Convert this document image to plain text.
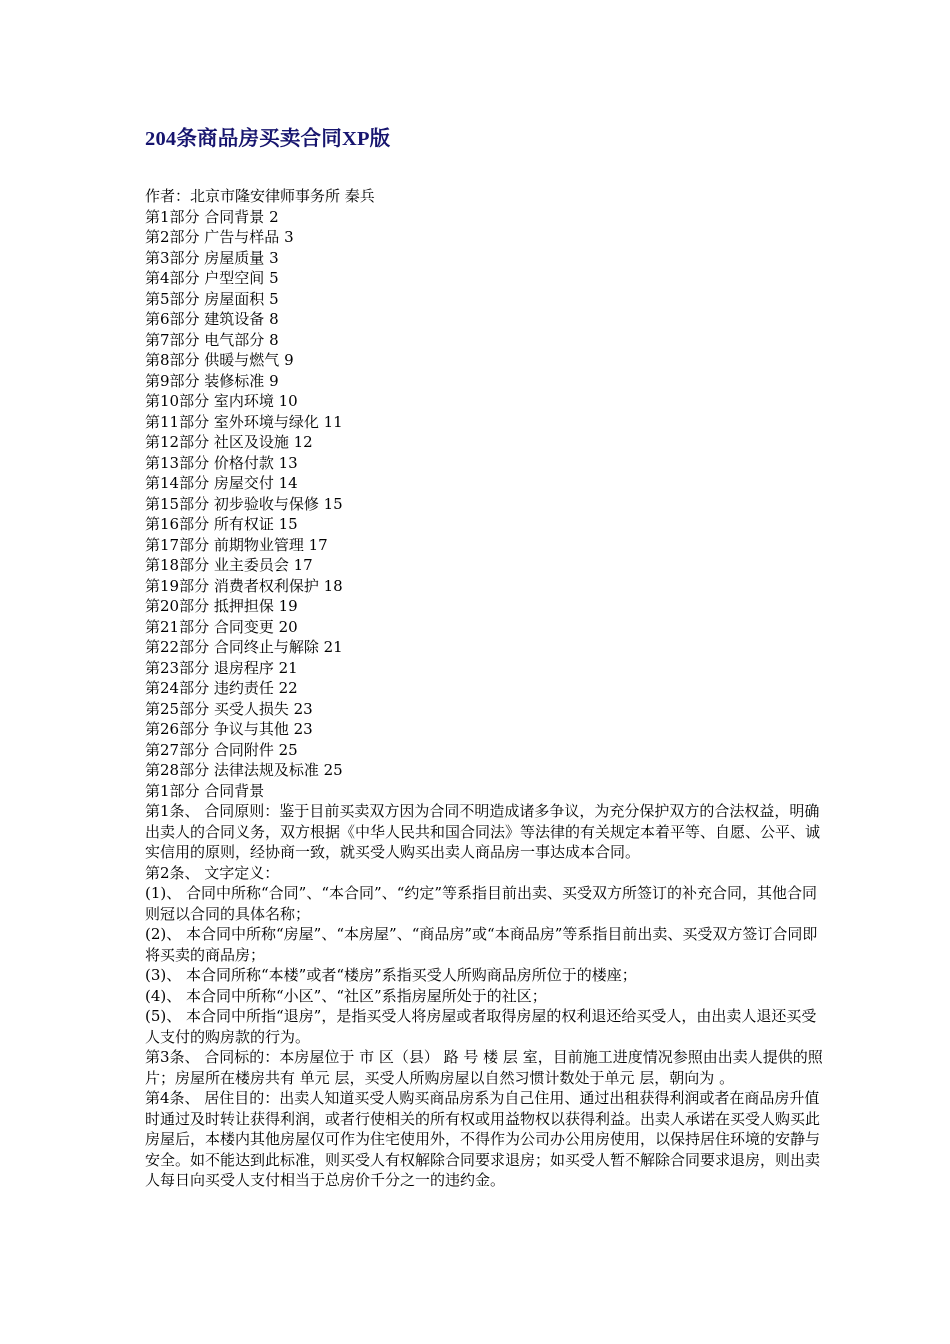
204条商品房买卖合同XP版
作者：北京市隆安律师事务所 秦兵
第1部分 合同背景 2
第2部分 广告与样品 3
第3部分 房屋质量 3
第4部分 户型空间 5
第5部分 房屋面积 5
第6部分 建筑设备 8
第7部分 电气部分 8
第8部分 供暖与燃气 9
第9部分 装修标准 9
第10部分 室内环境 10
第11部分 室外环境与绿化 11
第12部分 社区及设施 12
第13部分 价格付款 13
第14部分 房屋交付 14
第15部分 初步验收与保修 15
第16部分 所有权证 15
第17部分 前期物业管理 17
第18部分 业主委员会 17
第19部分 消费者权利保护 18
第20部分 抵押担保 19
第21部分 合同变更 20
第22部分 合同终止与解除 21
第23部分 退房程序 21
第24部分 违约责任 22
第25部分 买受人损失 23
第26部分 争议与其他 23
第27部分 合同附件 25
第28部分 法律法规及标准 25
第1部分 合同背景
第1条、 合同原则：鉴于目前买卖双方因为合同不明造成诸多争议，为充分保护双方的合法权益，明确出卖人的合同义务，双方根据《中华人民共和国合同法》等法律的有关规定本着平等、自愿、公平、诚实信用的原则，经协商一致，就买受人购买出卖人商品房一事达成本合同。
第2条、 文字定义：
(1)、 合同中所称“合同”、“本合同”、“约定”等系指目前出卖、买受双方所签订的补充合同，其他合同则冠以合同的具体名称；
(2)、 本合同中所称“房屋”、“本房屋”、“商品房”或“本商品房”等系指目前出卖、买受双方签订合同即将买卖的商品房；
(3)、 本合同所称“本楼”或者“楼房”系指买受人所购商品房所位于的楼座；
(4)、 本合同中所称“小区”、“社区”系指房屋所处于的社区；
(5)、 本合同中所指“退房”，是指买受人将房屋或者取得房屋的权利退还给买受人，由出卖人退还买受人支付的购房款的行为。
第3条、 合同标的：本房屋位于 市 区（县） 路 号 楼 层 室，目前施工进度情况参照由出卖人提供的照片；房屋所在楼房共有 单元 层，买受人所购房屋以自然习惯计数处于单元 层，朝向为 。
第4条、 居住目的：出卖人知道买受人购买商品房系为自己住用、通过出租获得利润或者在商品房升值时通过及时转让获得利润，或者行使相关的所有权或用益物权以获得利益。出卖人承诺在买受人购买此房屋后，本楼内其他房屋仅可作为住宅使用外，不得作为公司办公用房使用，以保持居住环境的安静与安全。如不能达到此标准，则买受人有权解除合同要求退房；如买受人暂不解除合同要求退房，则出卖人每日向买受人支付相当于总房价千分之一的违约金。
